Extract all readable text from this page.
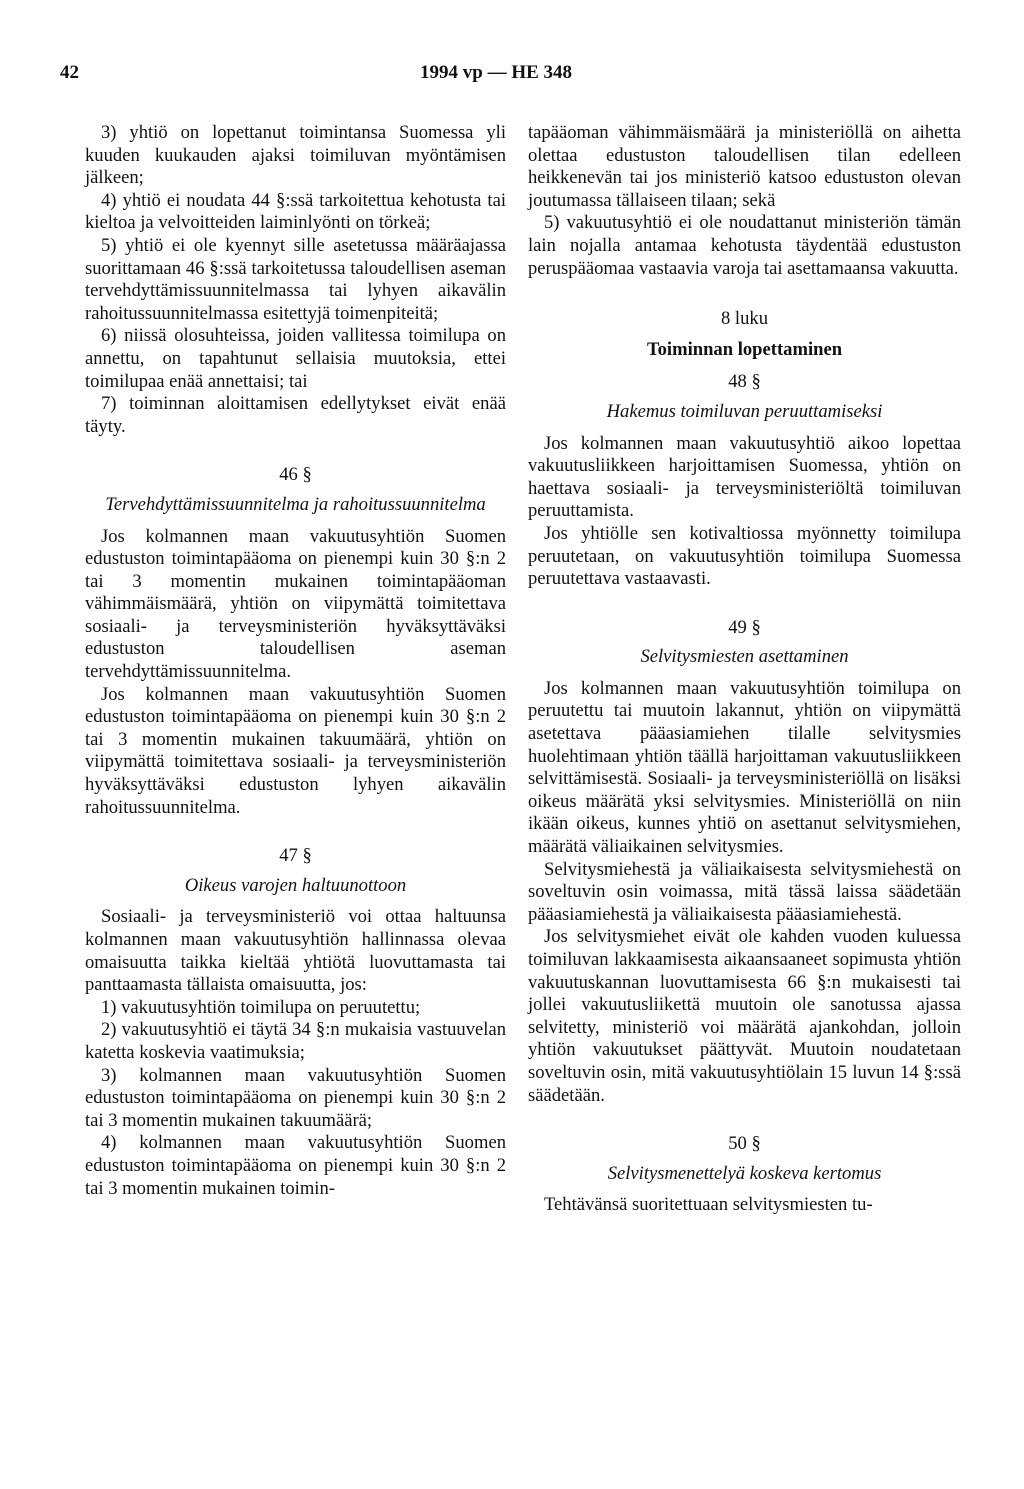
42	1994 vp — HE 348

3) yhtiö on lopettanut toimintansa Suomessa yli kuuden kuukauden ajaksi toimiluvan myöntämisen jälkeen;

4) yhtiö ei noudata 44 §:ssä tarkoitettua kehotusta tai kieltoa ja velvoitteiden laiminlyönti on törkeä;

5) yhtiö ei ole kyennyt sille asetetussa määräajassa suorittamaan 46 §:ssä tarkoitetussa taloudellisen aseman tervehdyttämissuunnitelmassa tai lyhyen aikavälin rahoitussuunnitelmassa esitettyjä toimenpiteitä;

6) niissä olosuhteissa, joiden vallitessa toimilupa on annettu, on tapahtunut sellaisia muutoksia, ettei toimilupaa enää annettaisi; tai

7) toiminnan aloittamisen edellytykset eivät enää täyty.

46 §
Tervehdyttämissuunnitelma ja rahoitussuunnitelma

Jos kolmannen maan vakuutusyhtiön Suomen edustuston toimintapääoma on pienempi kuin 30 §:n 2 tai 3 momentin mukainen toimintapääoman vähimmäismäärä, yhtiön on viipymättä toimitettava sosiaali- ja terveysministeriön hyväksyttäväksi edustuston taloudellisen aseman tervehdyttämissuunnitelma.

Jos kolmannen maan vakuutusyhtiön Suomen edustuston toimintapääoma on pienempi kuin 30 §:n 2 tai 3 momentin mukainen takuumäärä, yhtiön on viipymättä toimitettava sosiaali- ja terveysministeriön hyväksyttäväksi edustuston lyhyen aikavälin rahoitussuunnitelma.

47 §
Oikeus varojen haltuunottoon

Sosiaali- ja terveysministeriö voi ottaa haltuunsa kolmannen maan vakuutusyhtiön hallinnassa olevaa omaisuutta taikka kieltää yhtiötä luovuttamasta tai panttaamasta tällaista omaisuutta, jos:

1) vakuutusyhtiön toimilupa on peruutettu;

2) vakuutusyhtiö ei täytä 34 §:n mukaisia vastuuvelan katetta koskevia vaatimuksia;

3) kolmannen maan vakuutusyhtiön Suomen edustuston toimintapääoma on pienempi kuin 30 §:n 2 tai 3 momentin mukainen takuumäärä;

4) kolmannen maan vakuutusyhtiön Suomen edustuston toimintapääoma on pienempi kuin 30 §:n 2 tai 3 momentin mukainen toimin-

tapääoman vähimmäismäärä ja ministeriöllä on aihetta olettaa edustuston taloudellisen tilan edelleen heikkenevän tai jos ministeriö katsoo edustuston olevan joutumassa tällaiseen tilaan; sekä

5) vakuutusyhtiö ei ole noudattanut ministeriön tämän lain nojalla antamaa kehotusta täydentää edustuston peruspääomaa vastaavia varoja tai asettamaansa vakuutta.

8 luku
Toiminnan lopettaminen
48 §
Hakemus toimiluvan peruuttamiseksi

Jos kolmannen maan vakuutusyhtiö aikoo lopettaa vakuutusliikkeen harjoittamisen Suomessa, yhtiön on haettava sosiaali- ja terveysministeriöltä toimiluvan peruuttamista.

Jos yhtiölle sen kotivaltiossa myönnetty toimilupa peruutetaan, on vakuutusyhtiön toimilupa Suomessa peruutettava vastaavasti.

49 §
Selvitysmiesten asettaminen

Jos kolmannen maan vakuutusyhtiön toimilupa on peruutettu tai muutoin lakannut, yhtiön on viipymättä asetettava pääasiamiehen tilalle selvitysmies huolehtimaan yhtiön täällä harjoittaman vakuutusliikkeen selvittämisestä. Sosiaali- ja terveysministeriöllä on lisäksi oikeus määrätä yksi selvitysmies. Ministeriöllä on niin ikään oikeus, kunnes yhtiö on asettanut selvitysmiehen, määrätä väliaikainen selvitysmies.

Selvitysmiehestä ja väliaikaisesta selvitysmiehestä on soveltuvin osin voimassa, mitä tässä laissa säädetään pääasiamiehestä ja väliaikaisesta pääasiamiehestä.

Jos selvitysmiehet eivät ole kahden vuoden kuluessa toimiluvan lakkaamisesta aikaansaaneet sopimusta yhtiön vakuutuskannan luovuttamisesta 66 §:n mukaisesti tai jollei vakuutusliikettä muutoin ole sanotussa ajassa selvitetty, ministeriö voi määrätä ajankohdan, jolloin yhtiön vakuutukset päättyvät. Muutoin noudatetaan soveltuvin osin, mitä vakuutusyhtiölain 15 luvun 14 §:ssä säädetään.

50 §
Selvitysmenettelyä koskeva kertomus

Tehtävänsä suoritettuaan selvitysmiesten tu-
